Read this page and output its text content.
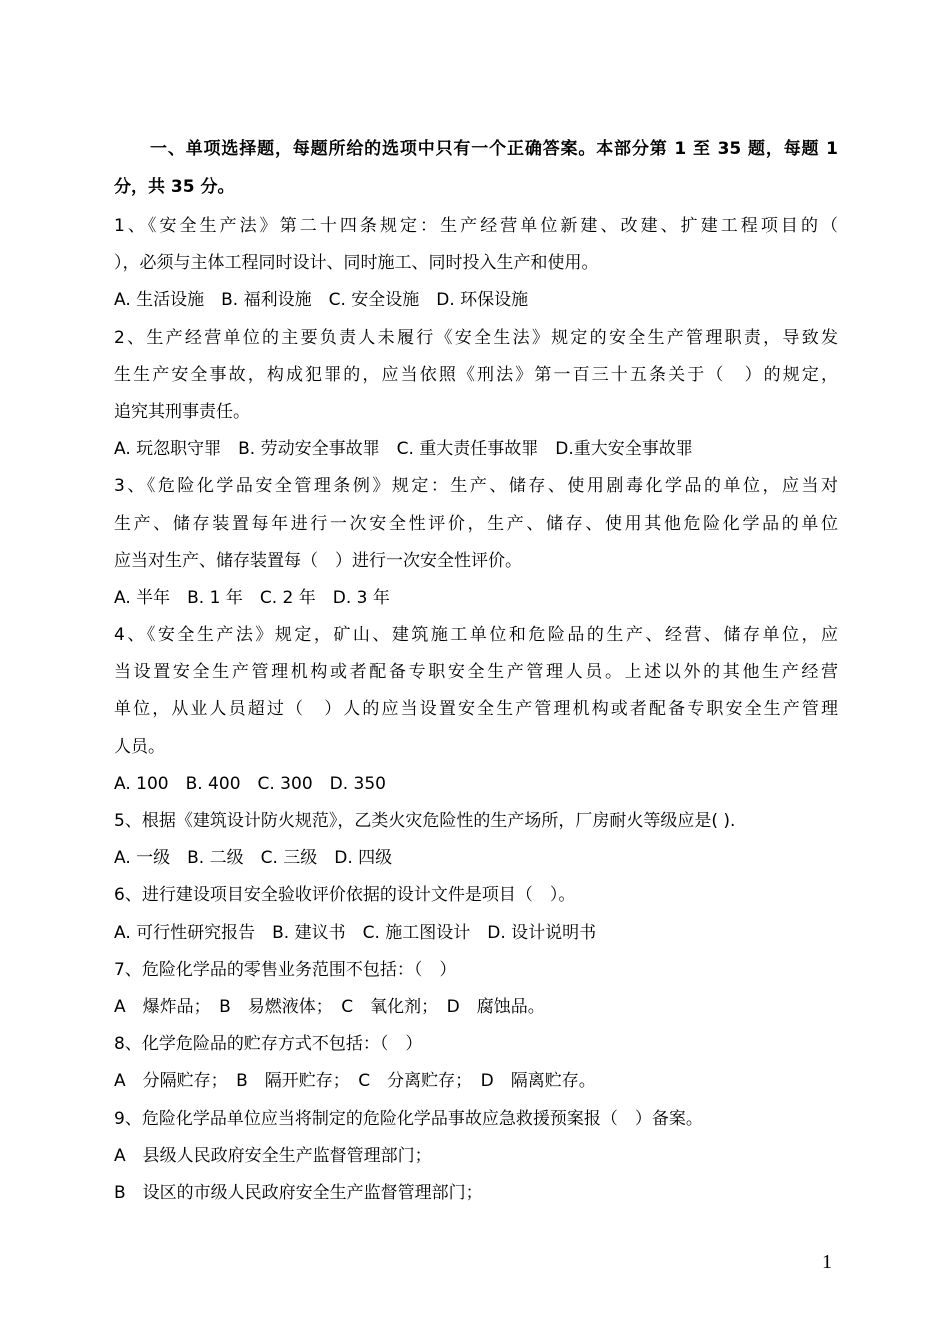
一、单项选择题，每题所给的选项中只有一个正确答案。本部分第 1 至 35 题，每题 1 分，共 35 分。
1、《安全生产法》第二十四条规定：生产经营单位新建、改建、扩建工程项目的（
），必须与主体工程同时设计、同时施工、同时投入生产和使用。
A. 生活设施　B. 福利设施　C. 安全设施　D. 环保设施
2、生产经营单位的主要负责人未履行《安全生法》规定的安全生产管理职责，导致发
生生产安全事故，构成犯罪的，应当依照《刑法》第一百三十五条关于（　）的规定，
追究其刑事责任。
A. 玩忽职守罪　B. 劳动安全事故罪　C. 重大责任事故罪　D.重大安全事故罪
3、《危险化学品安全管理条例》规定：生产、储存、使用剧毒化学品的单位，应当对
生产、储存装置每年进行一次安全性评价，生产、储存、使用其他危险化学品的单位
应当对生产、储存装置每（　）进行一次安全性评价。
A. 半年　B. 1 年　C. 2 年　D. 3 年
4、《安全生产法》规定，矿山、建筑施工单位和危险品的生产、经营、储存单位，应
当设置安全生产管理机构或者配备专职安全生产管理人员。上述以外的其他生产经营
单位，从业人员超过（　）人的应当设置安全生产管理机构或者配备专职安全生产管理
人员。
A. 100　B. 400　C. 300　D. 350
5、根据《建筑设计防火规范》，乙类火灾危险性的生产场所，厂房耐火等级应是( ).
A. 一级　B. 二级　C. 三级　D. 四级
6、进行建设项目安全验收评价依据的设计文件是项目（　）。
A. 可行性研究报告　B. 建议书　C. 施工图设计　D. 设计说明书
7、危险化学品的零售业务范围不包括：（　）
A　爆炸品；　B　易燃液体；　C　氧化剂；　D　腐蚀品。
8、化学危险品的贮存方式不包括：（　）
A　分隔贮存；　B　隔开贮存；　C　分离贮存；　D　隔离贮存。
9、危险化学品单位应当将制定的危险化学品事故应急救援预案报（　）备案。
A　县级人民政府安全生产监督管理部门；
B　设区的市级人民政府安全生产监督管理部门；
1
